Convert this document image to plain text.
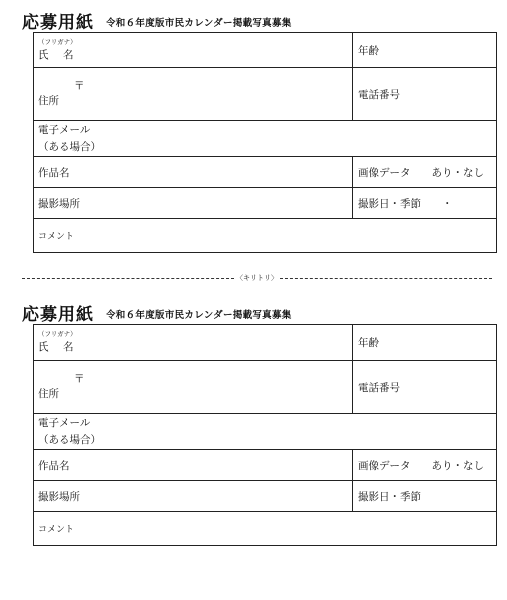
応募用紙 令和６年度版市民カレンダー掲載写真募集
（フリガナ）
氏　名	年齢

〒
住所	電話番号

電子メール
（ある場合）	

作品名	画像データ　　あり・なし
撮影場所	撮影日・季節　　・
コメント	
〈キリトリ〉
応募用紙 令和６年度版市民カレンダー掲載写真募集
（フリガナ）
氏　名	年齢

〒
住所	電話番号

電子メール
（ある場合）	

作品名	画像データ　　あり・なし
撮影場所	撮影日・季節
コメント	
